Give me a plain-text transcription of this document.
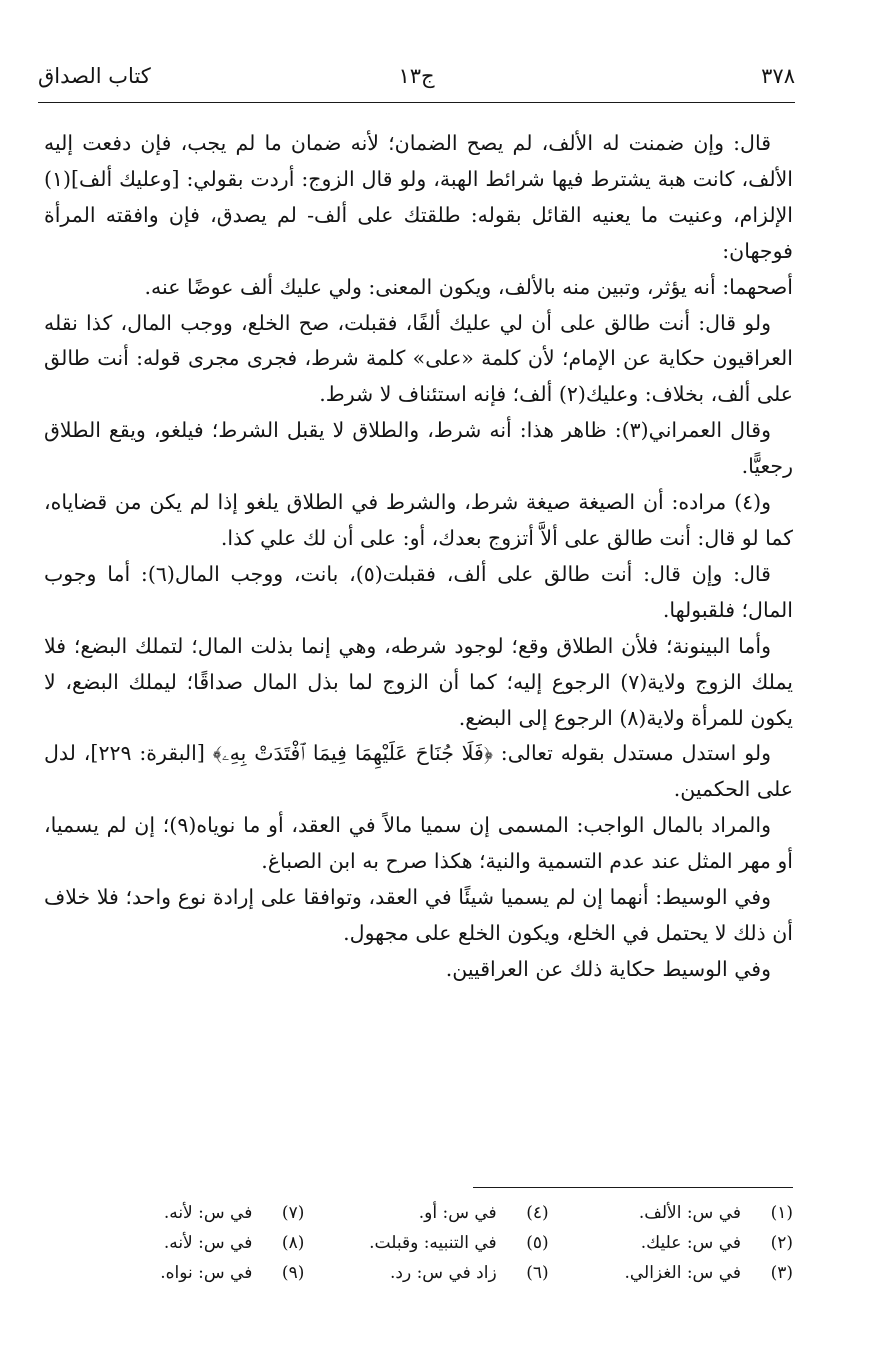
٣٧٨
ج١٣
كتاب الصداق

قال: وإن ضمنت له الألف، لم يصح الضمان؛ لأنه ضمان ما لم يجب، فإن دفعت إليه الألف، كانت هبة يشترط فيها شرائط الهبة، ولو قال الزوج: أردت بقولي: [وعليك ألف](١) الإلزام، وعنيت ما يعنيه القائل بقوله: طلقتك على ألف- لم يصدق، فإن وافقته المرأة فوجهان:

أصحهما: أنه يؤثر، وتبين منه بالألف، ويكون المعنى: ولي عليك ألف عوضًا عنه.

ولو قال: أنت طالق على أن لي عليك ألفًا، فقبلت، صح الخلع، ووجب المال، كذا نقله العراقيون حكاية عن الإمام؛ لأن كلمة «على» كلمة شرط، فجرى مجرى قوله: أنت طالق على ألف، بخلاف: وعليك(٢) ألف؛ فإنه استئناف لا شرط.

وقال العمراني(٣): ظاهر هذا: أنه شرط، والطلاق لا يقبل الشرط؛ فيلغو، ويقع الطلاق رجعيًّا.

و(٤) مراده: أن الصيغة صيغة شرط، والشرط في الطلاق يلغو إذا لم يكن من قضاياه، كما لو قال: أنت طالق على ألاَّ أتزوج بعدك، أو: على أن لك علي كذا.

قال: وإن قال: أنت طالق على ألف، فقبلت(٥)، بانت، ووجب المال(٦): أما وجوب المال؛ فلقبولها.

وأما البينونة؛ فلأن الطلاق وقع؛ لوجود شرطه، وهي إنما بذلت المال؛ لتملك البضع؛ فلا يملك الزوج ولاية(٧) الرجوع إليه؛ كما أن الزوج لما بذل المال صداقًا؛ ليملك البضع، لا يكون للمرأة ولاية(٨) الرجوع إلى البضع.

ولو استدل مستدل بقوله تعالى: ﴿فَلَا جُنَاحَ عَلَيْهِمَا فِيمَا ٱفْتَدَتْ بِهِۦ﴾ [البقرة: ٢٢٩]، لدل على الحكمين.

والمراد بالمال الواجب: المسمى إن سميا مالاً في العقد، أو ما نوياه(٩)؛ إن لم يسميا، أو مهر المثل عند عدم التسمية والنية؛ هكذا صرح به ابن الصباغ.

وفي الوسيط: أنهما إن لم يسميا شيئًا في العقد، وتوافقا على إرادة نوع واحد؛ فلا خلاف أن ذلك لا يحتمل في الخلع، ويكون الخلع على مجهول.

وفي الوسيط حكاية ذلك عن العراقيين.

(١)في س: الألف.
(٢)في س: عليك.
(٣)في س: الغزالي.
(٤)في س: أو.
(٥)في التنبيه: وقبلت.
(٦)زاد في س: رد.
(٧)في س: لأنه.
(٨)في س: لأنه.
(٩)في س: نواه.
